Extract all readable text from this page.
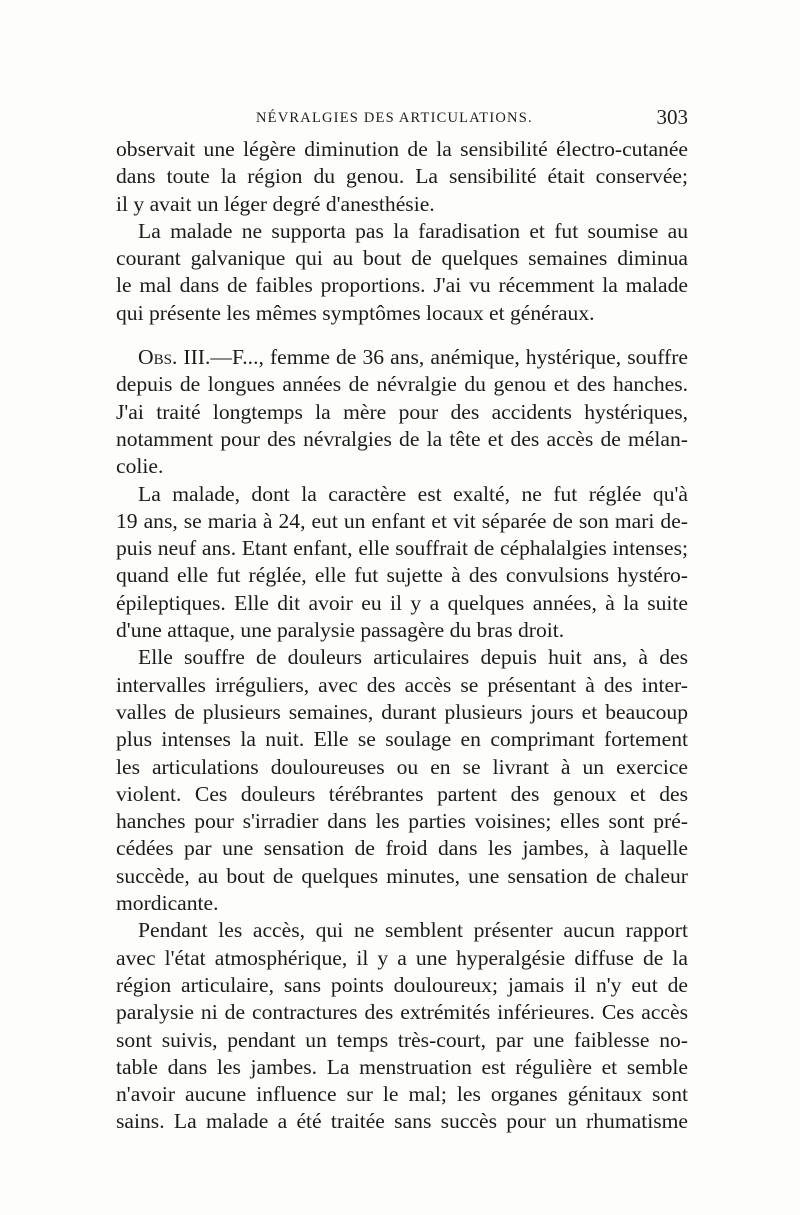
NÉVRALGIES DES ARTICULATIONS.	303
observait une légère diminution de la sensibilité électro-cutanée
dans toute la région du genou. La sensibilité était conservée;
il y avait un léger degré d'anesthésie.
La malade ne supporta pas la faradisation et fut soumise au
courant galvanique qui au bout de quelques semaines diminua
le mal dans de faibles proportions. J'ai vu récemment la malade
qui présente les mêmes symptômes locaux et généraux.
Obs. III.—F..., femme de 36 ans, anémique, hystérique, souffre
depuis de longues années de névralgie du genou et des hanches.
J'ai traité longtemps la mère pour des accidents hystériques,
notamment pour des névralgies de la tête et des accès de mélan-
colie.
La malade, dont la caractère est exalté, ne fut réglée qu'à
19 ans, se maria à 24, eut un enfant et vit séparée de son mari de-
puis neuf ans. Etant enfant, elle souffrait de céphalalgies intenses;
quand elle fut réglée, elle fut sujette à des convulsions hystéro-
épileptiques. Elle dit avoir eu il y a quelques années, à la suite
d'une attaque, une paralysie passagère du bras droit.
Elle souffre de douleurs articulaires depuis huit ans, à des
intervalles irréguliers, avec des accès se présentant à des inter-
valles de plusieurs semaines, durant plusieurs jours et beaucoup
plus intenses la nuit. Elle se soulage en comprimant fortement
les articulations douloureuses ou en se livrant à un exercice
violent. Ces douleurs térébrantes partent des genoux et des
hanches pour s'irradier dans les parties voisines; elles sont pré-
cédées par une sensation de froid dans les jambes, à laquelle
succède, au bout de quelques minutes, une sensation de chaleur
mordicante.
Pendant les accès, qui ne semblent présenter aucun rapport
avec l'état atmosphérique, il y a une hyperalgésie diffuse de la
région articulaire, sans points douloureux; jamais il n'y eut de
paralysie ni de contractures des extrémités inférieures. Ces accès
sont suivis, pendant un temps très-court, par une faiblesse no-
table dans les jambes. La menstruation est régulière et semble
n'avoir aucune influence sur le mal; les organes génitaux sont
sains. La malade a été traitée sans succès pour un rhumatisme
